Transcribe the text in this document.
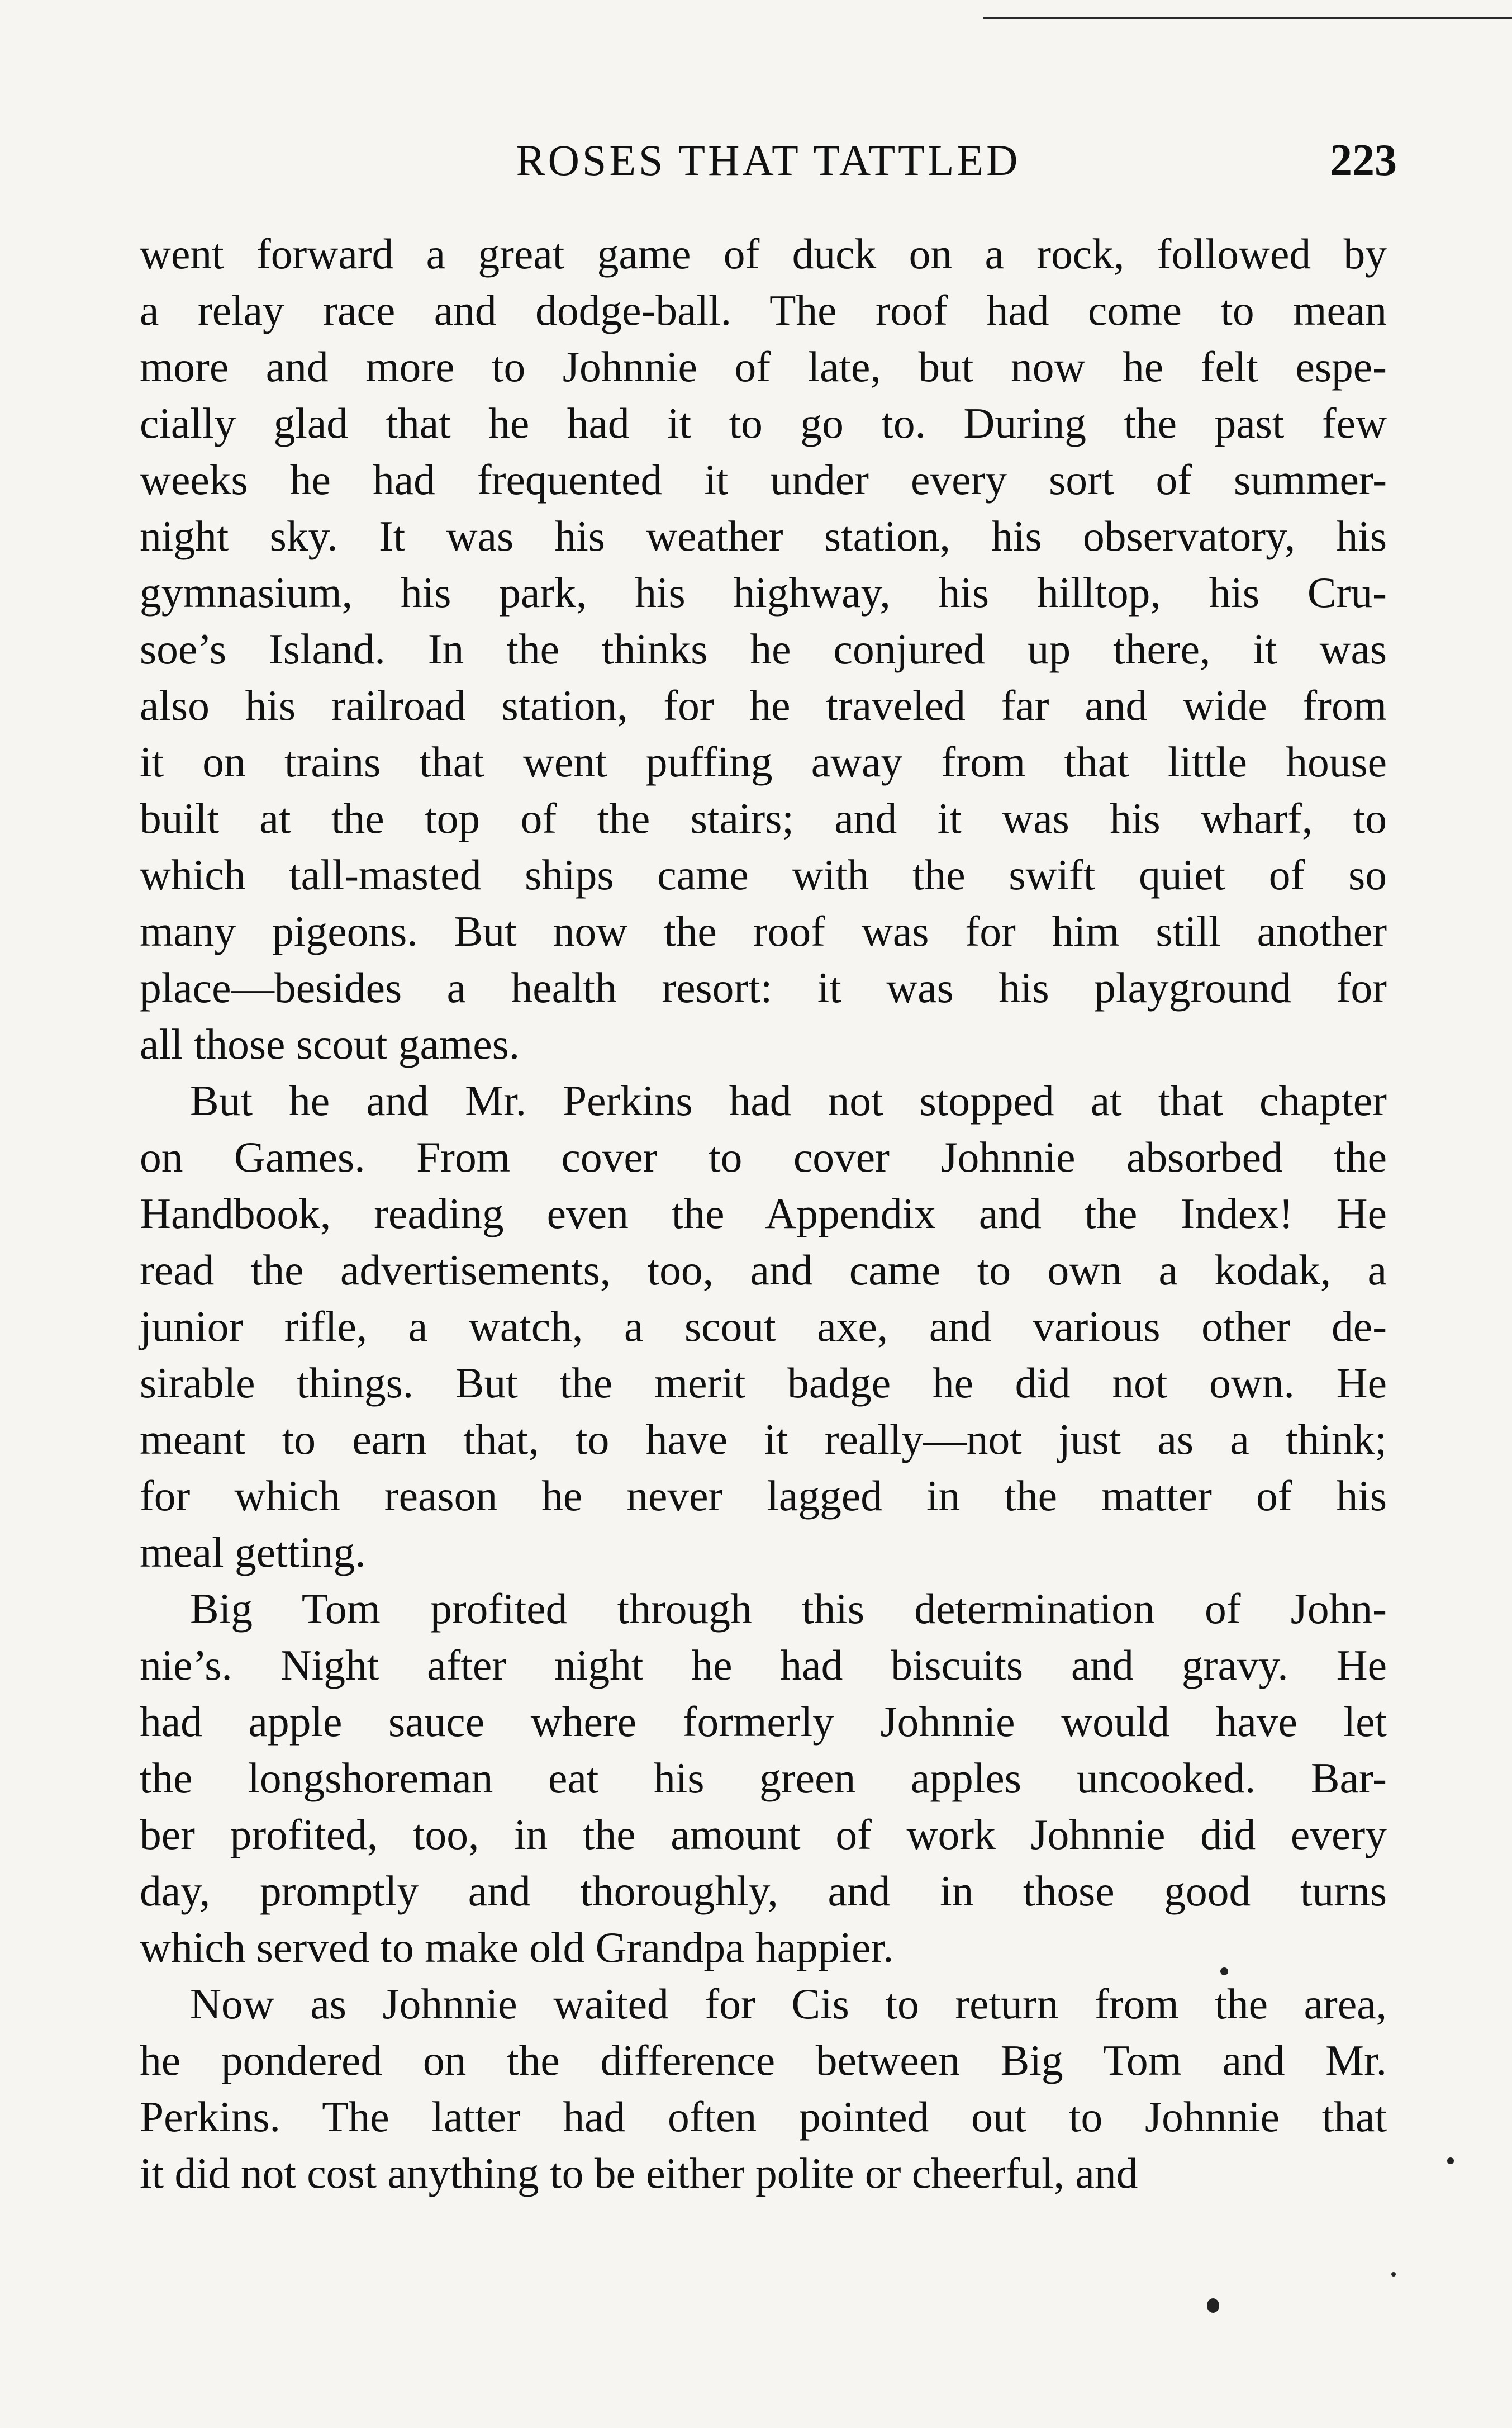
ROSES THAT TATTLED	223
went forward a great game of duck on a rock, followed by
a relay race and dodge-ball. The roof had come to mean
more and more to Johnnie of late, but now he felt espe-
cially glad that he had it to go to. During the past few
weeks he had frequented it under every sort of summer-
night sky. It was his weather station, his observatory, his
gymnasium, his park, his highway, his hilltop, his Cru-
soe’s Island. In the thinks he conjured up there, it was
also his railroad station, for he traveled far and wide from
it on trains that went puffing away from that little house
built at the top of the stairs; and it was his wharf, to
which tall-masted ships came with the swift quiet of so
many pigeons. But now the roof was for him still another
place—besides a health resort: it was his playground for
all those scout games.
But he and Mr. Perkins had not stopped at that chapter
on Games. From cover to cover Johnnie absorbed the
Handbook, reading even the Appendix and the Index! He
read the advertisements, too, and came to own a kodak, a
junior rifle, a watch, a scout axe, and various other de-
sirable things. But the merit badge he did not own. He
meant to earn that, to have it really—not just as a think;
for which reason he never lagged in the matter of his
meal getting.
Big Tom profited through this determination of John-
nie’s. Night after night he had biscuits and gravy. He
had apple sauce where formerly Johnnie would have let
the longshoreman eat his green apples uncooked. Bar-
ber profited, too, in the amount of work Johnnie did every
day, promptly and thoroughly, and in those good turns
which served to make old Grandpa happier.
Now as Johnnie waited for Cis to return from the area,
he pondered on the difference between Big Tom and Mr.
Perkins. The latter had often pointed out to Johnnie that
it did not cost anything to be either polite or cheerful, and
